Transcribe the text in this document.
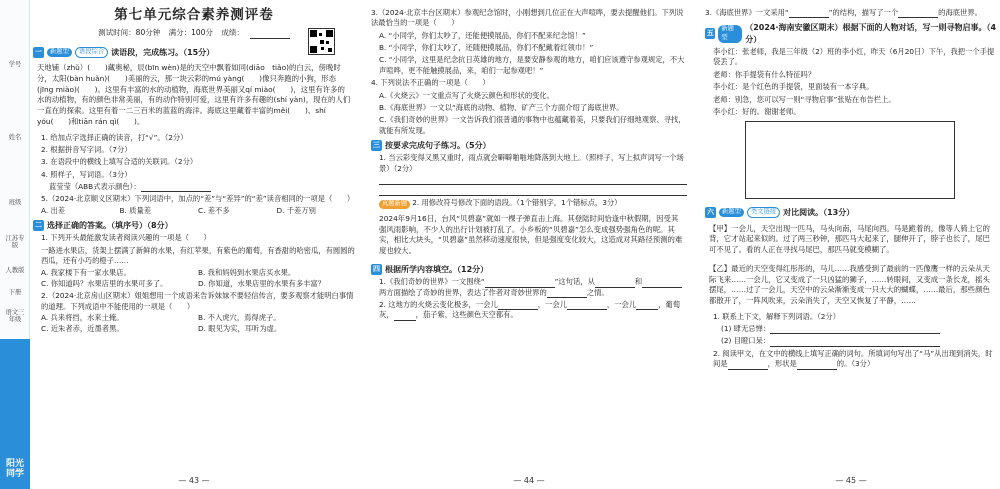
学号
姓名
班级
江苏专版
人教版
下册
语文三年级
阳光同学
第七单元综合素养测评卷
测试时间：80分钟 满分：100分 成绩：
一	新题型	语段综合 读语段，完成练习。（15分）
天地铺（zhǔ）(　　)藏奥秘，辰(bīn wèn)是的天空中飘着如同(diāo　tiǎo)的白云，傍晚时分，太阳(bàn huǎn)(　　)美丽的云，那一块云彩的mú yàng(　　)像只奔跑的小狗，形态(jīng miào)(　　)。这里有丰富的水的动植物，海底世界美丽又qí miào(　　)，这里有许多的水的动植物，有的颜色非常美丽，有的动作特别可爱，这里有许多有趣的(shí yàn)，现在的人们一直在的探索。这里有着一二三百米的蓝蓝的海洋。海底这里藏着丰富的měi(　　)、shí yóu(　　)和tiān rán qì(　　)。
1. 给加点字选择正确的读音，打“√”。（2分）
2. 根据拼音写字词。（7分）
3. 在语段中的横线上填写合适的关联词。（2分）
4. 照样子，写词语。（3分）
蓝莹莹（ABB式表示颜色）：
5.（2024·北京顺义区期末）下列词语中，加点的“差”与“差异”的“差”读音相同的一项是（　　）
A. 出差	B. 质量差	C. 差不多	D. 千差万别
二 选择正确的答案。（填序号）（8分）
1. 下列开头最能激发读者阅读兴趣的一项是（　　）
一路进水果店，货架上摆满了新鲜的水果，有红苹果，有紫色的葡萄，有香甜的哈密瓜，有圆圆的西瓜，还有小巧的橙子……
A. 我家楼下有一家水果店。	B. 我和妈妈到水果店买水果。
C. 你知道吗？水果店里的水果可多了。	D. 你知道，水果店里的水果有多丰富？
2.（2024·北京房山区期末）姐姐想用一个成语来告诉妹妹不要轻信传言，要多观察才能明白事情的道理。下列成语中不能使用的一项是（　　）
A. 兵来将挡，水来土掩。	B. 不入虎穴，焉得虎子。
C. 近朱者赤，近墨者黑。	D. 眼见为实，耳听为虚。
— 43 —
3.（2024·北京丰台区期末）参观纪念馆时，小刚想到几位正在大声喧哗，要去提醒他们。下列说法最恰当的一项是（　　）
A. “小同学，你们太吵了，还能便摸展品，你们不配来纪念馆！”
B. “小同学，你们太吵了，还随便摸展品，你们不配戴着红领巾！”
C. “小同学，这里是纪念抗日英雄的地方，是要安静参观的地方，咱们应该遵守参观规定，不大声喧哗，更不能触摸展品，来，咱们一起参观吧！”
4. 下列说法不正确的一项是（　　）
A.《火烧云》一文重点写了火烧云颜色和形状的变化。
B.《海底世界》一文以“海底的动物、植物、矿产三个方面介绍了海底世界。
C.《我们奇妙的世界》一文告诉我们很普通的事物中也蕴藏着美，只要我们仔细地观察、寻找，就能有所发现。
三 按要求完成句子练习。（5分）
1. 当云彩变得又黑又重时，雨点就会噼噼啪啪地降落到大地上。（照样子，写上拟声词写一个场景）（2分）
真题新题 2. 用修改符号修改下面的语段。（1个错别字，1个错标点，3分）
2024年9月16日，台风“贝碧嘉”就如一棵子弹直击上海。其登陆时间恰逢中秋假期，因受其强风雨影响，不少人的出行计划被打乱了。小乡板的“贝碧嘉”怎么变成强势强角色的呢。其实，相比大块头，“贝碧嘉”虽然移动速度很快，但是强度变化较大，这造成对其路径预测的难度也较大。
四 根据所学内容填空。（12分）
1.《我们奇妙的世界》一文围绕“	”这句话，从	和两方面描绘了奇妙的世界，表达了作者对奇妙世界的	之情。
2. 这地方的火烧云变化极多，一会儿	，一会儿	，一会儿	，葡萄灰，	，茄子紫，这些颜色天空都有。
— 44 —
3.《海底世界》一文采用“	”的结构，描写了一个	的海底世界。
五
新题型
（2024·海南安徽区期末）根据下面的人物对话，写一则寻物启事。（4分）
李小红：张老师，我是三年级（2）班的李小红，昨天（6月20日）下午，我把一个手提袋丢了。
老师：你手提袋有什么特征吗？
李小红：是个红色的手提袋，里面装有一本字典。
老师：别急，您可以写一则“寻物启事”张贴在布告栏上。
李小红：好的。谢谢老师。
六	新题型	类文链接 对比阅读。（13分）
【甲】一会儿，天空出现一匹马，马头向南，马尾向西。马是跪着的，像等人骑上它的背，它才站起来似的。过了两三秒钟，那匹马大起来了，腿伸开了，脖子也长了，尾巴可不见了。看的人正在寻找马尾巴，那匹马就变模糊了。
【乙】最近的天空变得红彤彤的，马儿……我感受到了最前的一匹像鹰一样的云朵从天际飞来……一会儿，它又变成了一只凶猛的狮子，……转眼间，又变成一条长龙，摇头摆尾，……过了一会儿，天空中的云朵渐渐变成一只大大的蝴蝶，……最后，那些颜色都散开了，一阵风吹来，云朵消失了，天空又恢复了平静，……
1. 联系上下文，解释下列词语。（2分）
(1) 肆无忌惮：
(2) 目瞪口呆：
2. 阅读甲文，在文中的横线上填写正确的词句。所填词句写出了“马”从出现到消失，时间是	，形状是	的。（3分）
— 45 —
